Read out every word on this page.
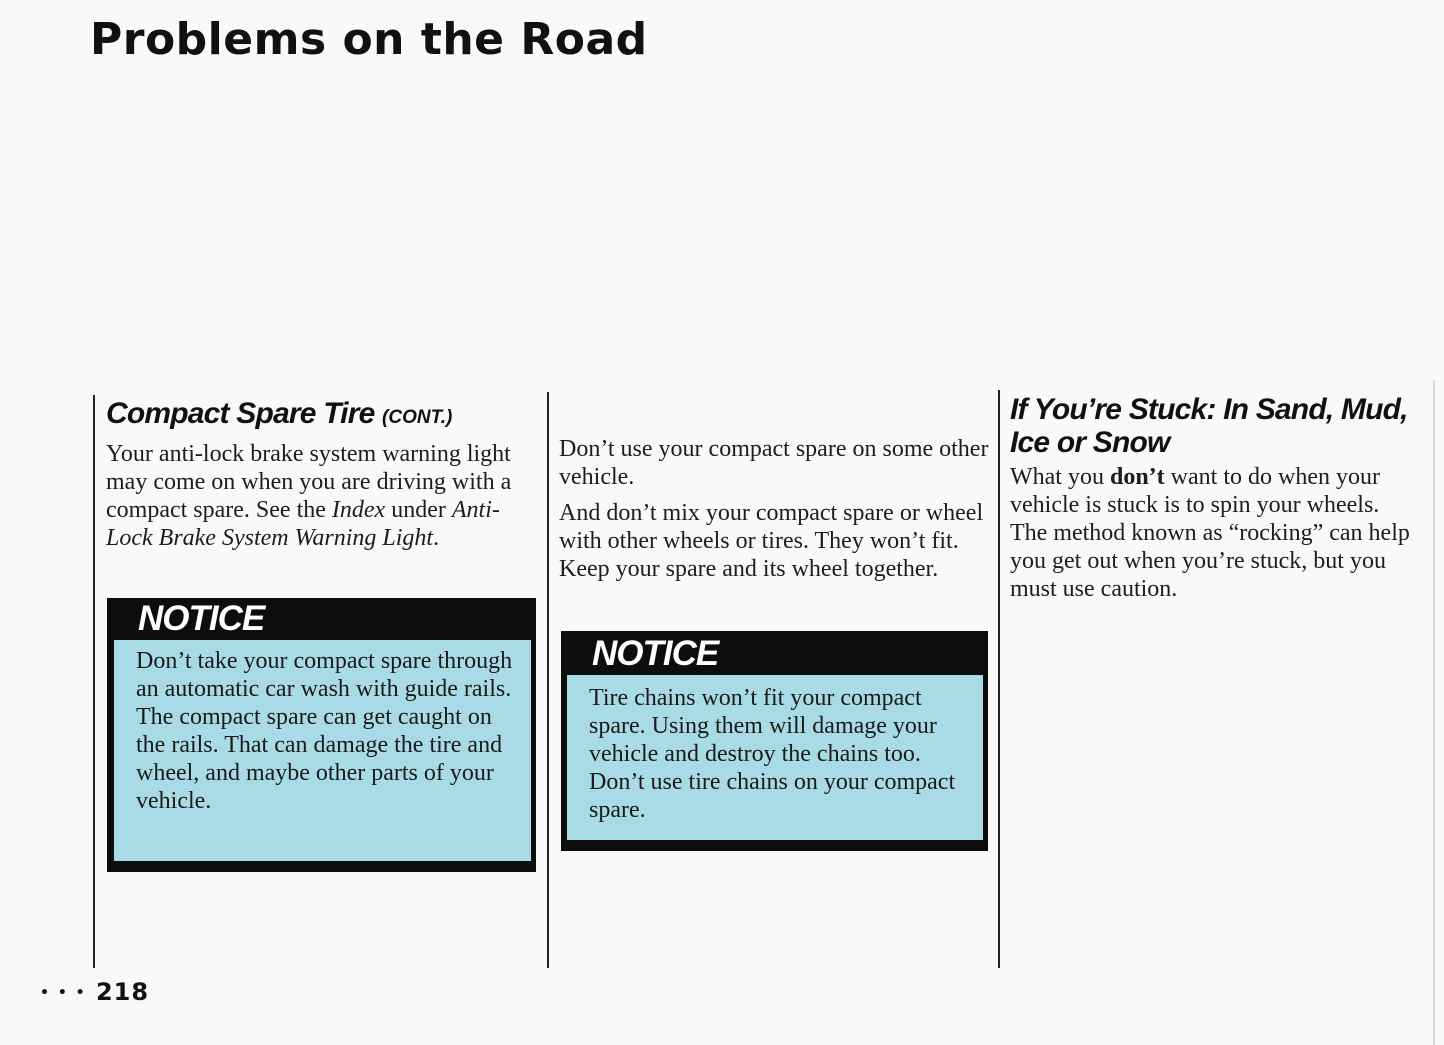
Problems on the Road
Compact Spare Tire (CONT.)

Your anti-lock brake system warning light may come on when you are driving with a compact spare. See the Index under Anti-Lock Brake System Warning Light.

NOTICE
Don’t take your compact spare through an automatic car wash with guide rails. The compact spare can get caught on the rails. That can damage the tire and wheel, and maybe other parts of your vehicle.

Don’t use your compact spare on some other vehicle.

And don’t mix your compact spare or wheel with other wheels or tires. They won’t fit. Keep your spare and its wheel together.

NOTICE
Tire chains won’t fit your compact spare. Using them will damage your vehicle and destroy the chains too. Don’t use tire chains on your compact spare.
If You’re Stuck: In Sand, Mud, Ice or Snow

What you don’t want to do when your vehicle is stuck is to spin your wheels. The method known as “rocking” can help you get out when you’re stuck, but you must use caution.

• • • 218
